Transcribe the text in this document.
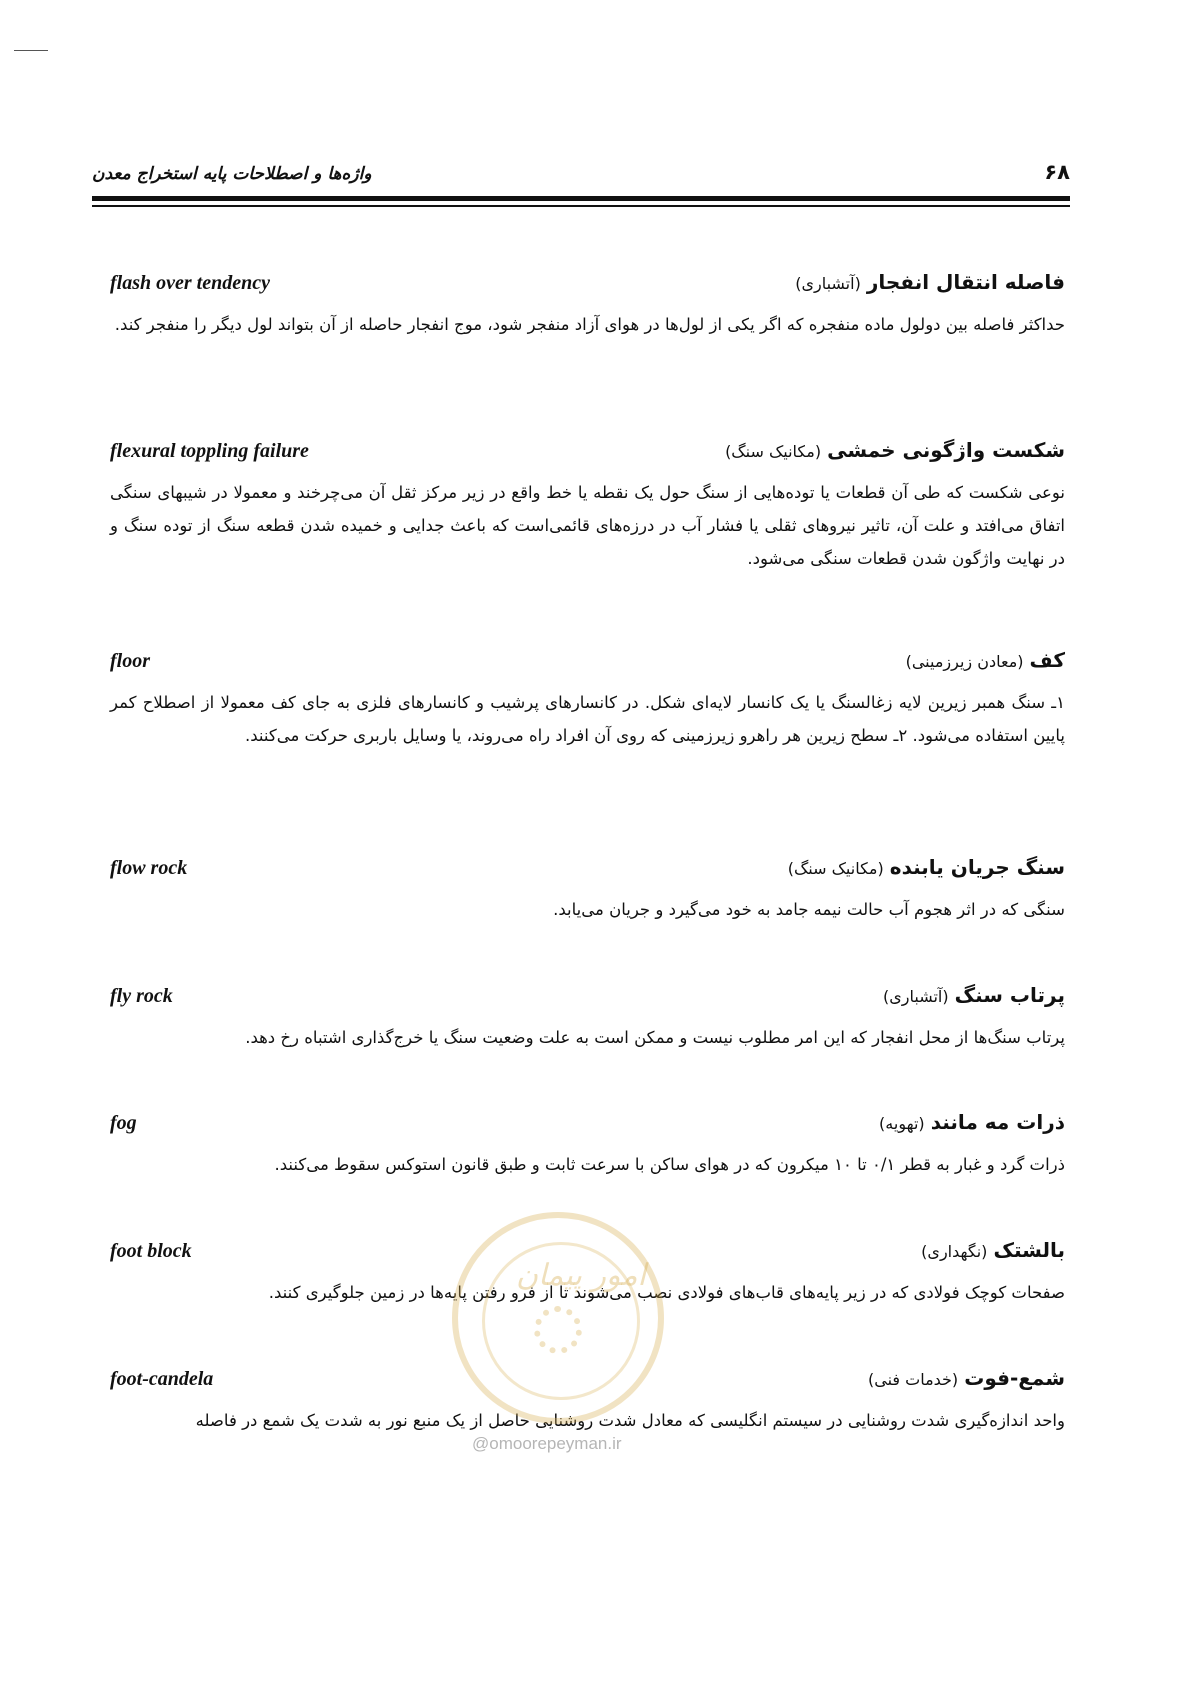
۶۸
واژه‌ها و اصطلاحات پایه استخراج معدن
فاصله انتقال انفجار (آتشباری)
flash over tendency
حداکثر فاصله بین دولول ماده منفجره که اگر یکی از لول‌ها در هوای آزاد منفجر شود، موج انفجار حاصله از آن بتواند لول دیگر را منفجر کند.
شکست واژگونی خمشی (مکانیک سنگ)
flexural toppling failure
نوعی شکست که طی آن قطعات یا توده‌هایی از سنگ حول یک نقطه یا خط واقع در زیر مرکز ثقل آن می‌چرخند و معمولا در شیبهای سنگی اتفاق می‌افتد و علت آن، تاثیر نیروهای ثقلی یا فشار آب در درزه‌های قائمی‌است که باعث جدایی و خمیده شدن قطعه سنگ از توده سنگ و در نهایت واژگون شدن قطعات سنگی می‌شود.
کف (معادن زیرزمینی)
floor
۱ـ سنگ همبر زیرین لایه زغالسنگ یا یک کانسار لایه‌ای شکل. در کانسارهای پرشیب و کانسارهای فلزی به جای کف معمولا از اصطلاح کمر پایین استفاده می‌شود. ۲ـ سطح زیرین هر راهرو زیرزمینی که روی آن افراد راه می‌روند، یا وسایل باربری حرکت می‌کنند.
سنگ جریان یابنده (مکانیک سنگ)
flow rock
سنگی که در اثر هجوم آب حالت نیمه جامد به خود می‌گیرد و جریان می‌یابد.
پرتاب سنگ (آتشباری)
fly rock
پرتاب سنگ‌ها از محل انفجار که این امر مطلوب نیست و ممکن است به علت وضعیت سنگ یا خرج‌گذاری اشتباه رخ دهد.
ذرات مه مانند (تهویه)
fog
ذرات گرد و غبار به قطر ۰/۱ تا ۱۰ میکرون که در هوای ساکن با سرعت ثابت و طبق قانون استوکس سقوط می‌کنند.
بالشتک (نگهداری)
foot block
صفحات کوچک فولادی که در زیر پایه‌های قاب‌های فولادی نصب می‌شوند تا از فرو رفتن پایه‌ها در زمین جلوگیری کنند.
شمع-فوت (خدمات فنی)
foot-candela
واحد اندازه‌گیری شدت روشنایی در سیستم انگلیسی که معادل شدت روشنایی حاصل از یک منبع نور به شدت یک شمع در فاصله
امور پیمان
@omoorepeyman.ir
